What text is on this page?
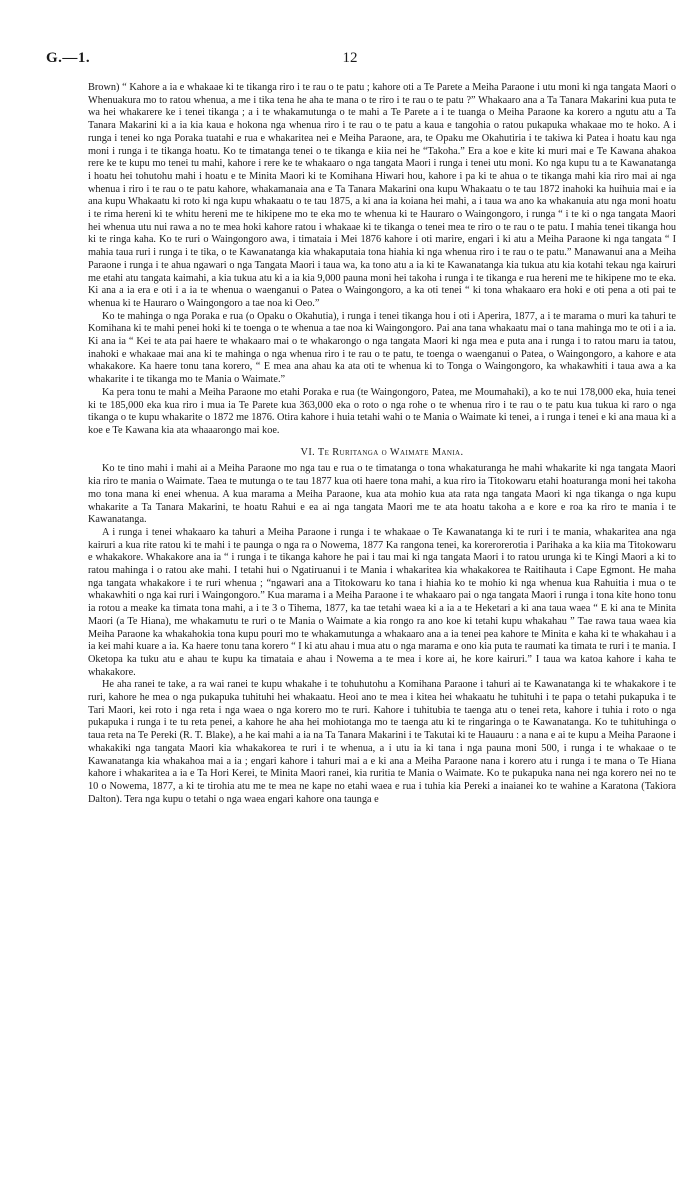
G.—1.	12

Brown) “ Kahore a ia e whakaae ki te tikanga riro i te rau o te patu ; kahore oti a Te Parete a Meiha Paraone i utu moni ki nga tangata Maori o Whenuakura mo to ratou whenua, a me i tika tena he aha te mana o te riro i te rau o te patu ?” Whakaaro ana a Ta Tanara Makarini kua puta te wa hei whakarere ke i tenei tikanga ; a i te whakamutunga o te mahi a Te Parete a i te tuanga o Meiha Paraone ka korero a ngutu atu a Ta Tanara Makarini ki a ia kia kaua e hokona nga whenua riro i te rau o te patu a kaua e tangohia o ratou pukapuka whakaae mo te hoko. A i runga i tenei ko nga Poraka tuatahi e rua e whakaritea nei e Meiha Paraone, ara, te Opaku me Okahutiria i te takiwa ki Patea i hoatu kau nga moni i runga i te tikanga hoatu. Ko te timatanga tenei o te tikanga e kiia nei he “Takoha.” Era a koe e kite ki muri mai e Te Kawana ahakoa rere ke te kupu mo tenei tu mahi, kahore i rere ke te whakaaro o nga tangata Maori i runga i tenei utu moni. Ko nga kupu tu a te Kawanatanga i hoatu hei tohutohu mahi i hoatu e te Minita Maori ki te Komihana Hiwari hou, kahore i pa ki te ahua o te tikanga mahi kia riro mai ai nga whenua i riro i te rau o te patu kahore, whakamanaia ana e Ta Tanara Makarini ona kupu Whakaatu o te tau 1872 inahoki ka huihuia mai e ia ana kupu Whakaatu ki roto ki nga kupu whakaatu o te tau 1875, a ki ana ia koiana hei mahi, a i taua wa ano ka whakanuia atu nga moni hoatu i te rima hereni ki te whitu hereni me te hikipene mo te eka mo te whenua ki te Hauraro o Waingongoro, i runga “ i te ki o nga tangata Maori hei whenua utu nui rawa a no te mea hoki kahore ratou i whakaae ki te tikanga o tenei mea te riro o te rau o te patu. I mahia tenei tikanga hou ki te ringa kaha. Ko te ruri o Waingongoro awa, i timataia i Mei 1876 kahore i oti marire, engari i ki atu a Meiha Paraone ki nga tangata “ I mahia taua ruri i runga i te tika, o te Kawanatanga kia whakaputaia tona hiahia ki nga whenua riro i te rau o te patu.” Manawanui ana a Meiha Paraone i runga i te ahua ngawari o nga Tangata Maori i taua wa, ka tono atu a ia ki te Kawanatanga kia tukua atu kia kotahi tekau nga kairuri me etahi atu tangata kaimahi, a kia tukua atu ki a ia kia 9,000 pauna moni hei takoha i runga i te tikanga e rua hereni me te hikipene mo te eka. Ki ana a ia era e oti i a ia te whenua o waenganui o Patea o Waingongoro, a ka oti tenei “ ki tona whakaaro era hoki e oti pena a oti pai te whenua ki te Hauraro o Waingongoro a tae noa ki Oeo.”

Ko te mahinga o nga Poraka e rua (o Opaku o Okahutia), i runga i tenei tikanga hou i oti i Aperira, 1877, a i te marama o muri ka tahuri te Komihana ki te mahi penei hoki ki te toenga o te whenua a tae noa ki Waingongoro. Pai ana tana whakaatu mai o tana mahinga mo te oti i a ia. Ki ana ia “ Kei te ata pai haere te whakaaro mai o te whakarongo o nga tangata Maori ki nga mea e puta ana i runga i to ratou maru ia tatou, inahoki e whakaae mai ana ki te mahinga o nga whenua riro i te rau o te patu, te toenga o waenganui o Patea, o Waingongoro, a kahore e ata whakakore. Ka haere tonu tana korero, “ E mea ana ahau ka ata oti te whenua ki to Tonga o Waingongoro, ka whakawhiti i taua awa a ka whakarite i te tikanga mo te Mania o Waimate.”

Ka pera tonu te mahi a Meiha Paraone mo etahi Poraka e rua (te Waingongoro, Patea, me Moumahaki), a ko te nui 178,000 eka, huia tenei ki te 185,000 eka kua riro i mua ia Te Parete kua 363,000 eka o roto o nga rohe o te whenua riro i te rau o te patu kua tukua ki raro o nga tikanga o te kupu whakarite o 1872 me 1876. Otira kahore i huia tetahi wahi o te Mania o Waimate ki tenei, a i runga i tenei e ki ana maua ki a koe e Te Kawana kia ata whaaarongo mai koe.

VI. Te Ruritanga o Waimate Mania.

Ko te tino mahi i mahi ai a Meiha Paraone mo nga tau e rua o te timatanga o tona whakaturanga he mahi whakarite ki nga tangata Maori kia riro te mania o Waimate. Taea te mutunga o te tau 1877 kua oti haere tona mahi, a kua riro ia Titokowaru etahi hoaturanga moni hei takoha mo tona mana ki enei whenua. A kua marama a Meiha Paraone, kua ata mohio kua ata rata nga tangata Maori ki nga tikanga o nga kupu whakarite a Ta Tanara Makarini, te hoatu Rahui e ea ai nga tangata Maori me te ata hoatu takoha a e kore e roa ka riro te mania i te Kawanatanga.

A i runga i tenei whakaaro ka tahuri a Meiha Paraone i runga i te whakaae o Te Kawanatanga ki te ruri i te mania, whakaritea ana nga kairuri a kua rite ratou ki te mahi i te paunga o nga ra o Nowema, 1877 Ka rangona tenei, ka korerorerotia i Parihaka a ka kiia ma Titokowaru e whakakore. Whakakore ana ia “ i runga i te tikanga kahore he pai i tau mai ki nga tangata Maori i to ratou urunga ki te Kingi Maori a ki to ratou mahinga i o ratou ake mahi. I tetahi hui o Ngatiruanui i te Mania i whakaritea kia whakakorea te Raitihauta i Cape Egmont. He maha nga tangata whakakore i te ruri whenua ; “ngawari ana a Titokowaru ko tana i hiahia ko te mohio ki nga whenua kua Rahuitia i mua o te whakawhiti o nga kai ruri i Waingongoro.” Kua marama i a Meiha Paraone i te whakaaro pai o nga tangata Maori i runga i tona kite hono tonu ia rotou a meake ka timata tona mahi, a i te 3 o Tihema, 1877, ka tae tetahi waea ki a ia a te Heketari a ki ana taua waea “ E ki ana te Minita Maori (a Te Hiana), me whakamutu te ruri o te Mania o Waimate a kia rongo ra ano koe ki tetahi kupu whakahau ” Tae rawa taua waea kia Meiha Paraone ka whakahokia tona kupu pouri mo te whakamutunga a whakaaro ana a ia tenei pea kahore te Minita e kaha ki te whakahau i a ia kei mahi kuare a ia. Ka haere tonu tana korero “ I ki atu ahau i mua atu o nga marama e ono kia puta te raumati ka timata te ruri i te mania. I Oketopa ka tuku atu e ahau te kupu ka timataia e ahau i Nowema a te mea i kore ai, he kore kairuri.” I taua wa katoa kahore i kaha te whakakore.

He aha ranei te take, a ra wai ranei te kupu whakahe i te tohuhutohu a Komihana Paraone i tahuri ai te Kawanatanga ki te whakakore i te ruri, kahore he mea o nga pukapuka tuhituhi hei whakaatu. Heoi ano te mea i kitea hei whakaatu he tuhituhi i te papa o tetahi pukapuka i te Tari Maori, kei roto i nga reta i nga waea o nga korero mo te ruri. Kahore i tuhitubia te taenga atu o tenei reta, kahore i tuhia i roto o nga pukapuka i runga i te tu reta penei, a kahore he aha hei mohiotanga mo te taenga atu ki te ringaringa o te Kawanatanga. Ko te tuhituhinga o taua reta na Te Pereki (R. T. Blake), a he kai mahi a ia na Ta Tanara Makarini i te Takutai ki te Hauauru : a nana e ai te kupu a Meiha Paraone i whakakiki nga tangata Maori kia whakakorea te ruri i te whenua, a i utu ia ki tana i nga pauna moni 500, i runga i te whakaae o te Kawanatanga kia whakahoa mai a ia ; engari kahore i tahuri mai a e ki ana a Meiha Paraone nana i korero atu i runga i te mana o Te Hiana kahore i whakaritea a ia e Ta Hori Kerei, te Minita Maori ranei, kia ruritia te Mania o Waimate. Ko te pukapuka nana nei nga korero nei no te 10 o Nowema, 1877, a ki te tirohia atu me te mea ne kape no etahi waea e rua i tuhia kia Pereki a inaianei ko te wahine a Karatona (Takiora Dalton). Tera nga kupu o tetahi o nga waea engari kahore ona taunga e
